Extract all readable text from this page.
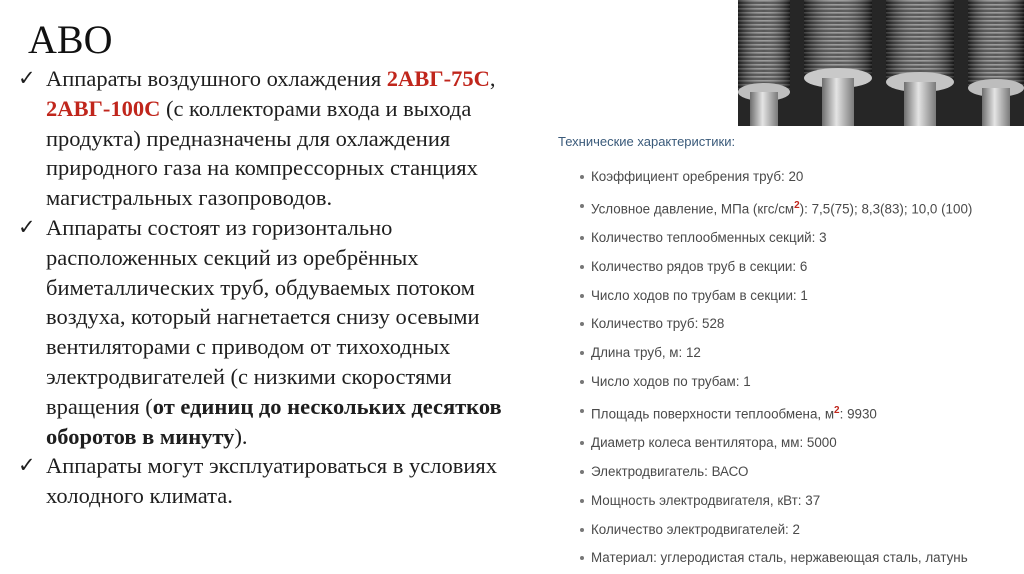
АВО
✓ Аппараты воздушного охлаждения 2АВГ-75С, 2АВГ-100С (с коллекторами входа и выхода продукта) предназначены для охлаждения природного газа на компрессорных станциях магистральных газопроводов.
✓ Аппараты состоят из горизонтально расположенных секций из оребрённых биметаллических труб, обдуваемых потоком воздуха, который нагнетается снизу осевыми вентиляторами с приводом от тихоходных электродвигателей (с низкими скоростями вращения (от единиц до нескольких десятков оборотов в минуту).
✓ Аппараты могут эксплуатироваться в условиях холодного климата.
Технические характеристики:
Коэффициент оребрения труб: 20
Условное давление, МПа $(кгс/см^2)$: 7,5(75); 8,3(83); 10,0 (100)
Количество теплообменных секций: 3
Количество рядов труб в секции: 6
Число ходов по трубам в секции: 1
Количество труб: 528
Длина труб, м: 12
Число ходов по трубам: 1
Площадь поверхности теплообмена, $м^2$: 9930
Диаметр колеса вентилятора, мм: 5000
Электродвигатель: ВАСО
Мощность электродвигателя, кВт: 37
Количество электродвигателей: 2
Материал: углеродистая сталь, нержавеющая сталь, латунь
